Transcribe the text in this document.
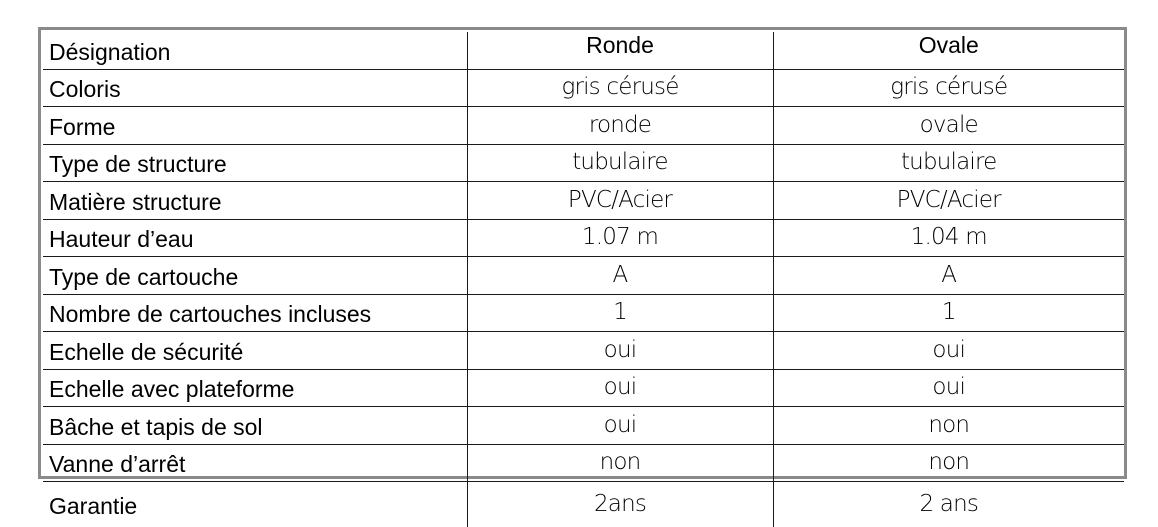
Désignation	Ronde	Ovale
Coloris	gris cérusé	gris cérusé
Forme	ronde	ovale
Type de structure	tubulaire	tubulaire
Matière structure	PVC/Acier	PVC/Acier
Hauteur d’eau	1.07 m	1.04 m
Type de cartouche	A	A
Nombre de cartouches incluses	1	1
Echelle de sécurité	oui	oui
Echelle avec plateforme	oui	oui
Bâche et tapis de sol	oui	non
Vanne d’arrêt	non	non
Garantie	2ans	2 ans
